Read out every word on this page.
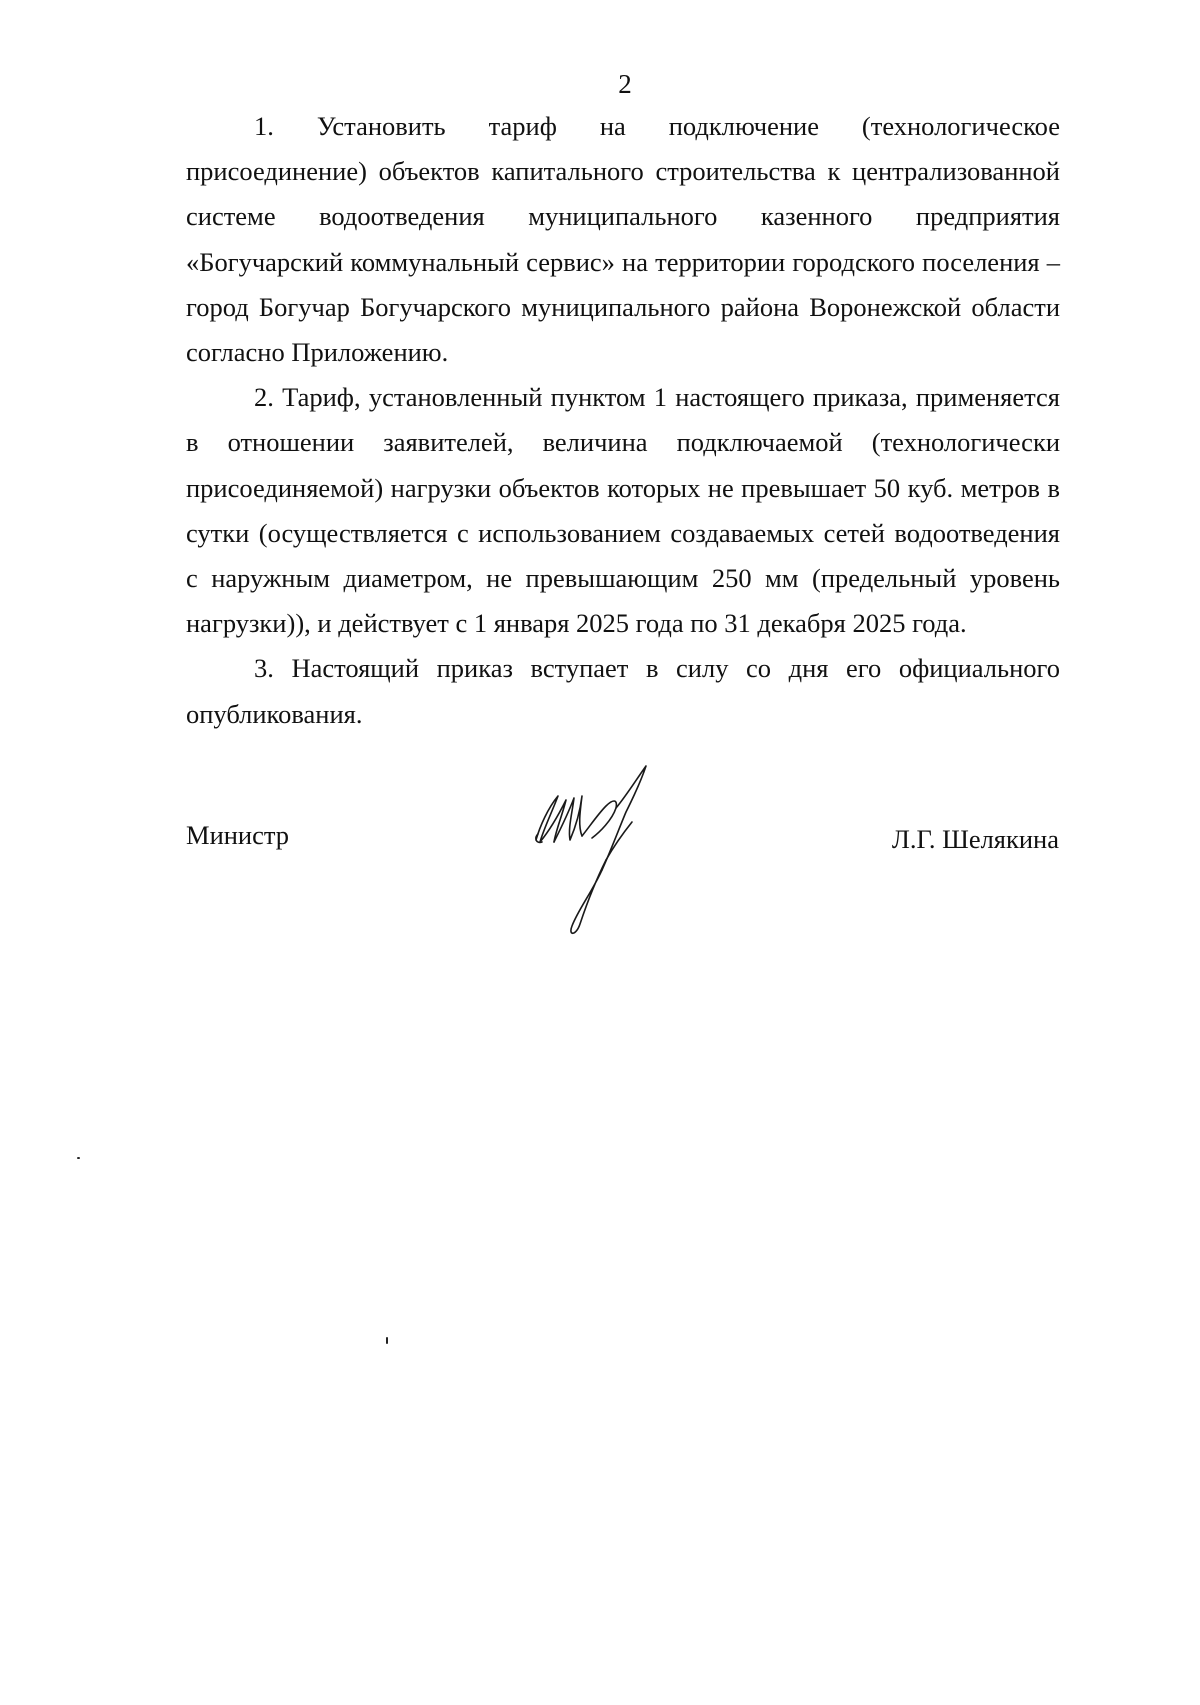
2

1. Установить тариф на подключение (технологическое присоединение) объектов капитального строительства к централизованной системе водоотведения муниципального казенного предприятия «Богучарский коммунальный сервис» на территории городского поселения – город Богучар Богучарского муниципального района Воронежской области согласно Приложению.

2. Тариф, установленный пунктом 1 настоящего приказа, применяется в отношении заявителей, величина подключаемой (технологически присоединяемой) нагрузки объектов которых не превышает 50 куб. метров в сутки (осуществляется с использованием создаваемых сетей водоотведения с наружным диаметром, не превышающим 250 мм (предельный уровень нагрузки)), и действует с 1 января 2025 года по 31 декабря 2025 года.

3. Настоящий приказ вступает в силу со дня его официального опубликования.

Министр	Л.Г. Шелякина
